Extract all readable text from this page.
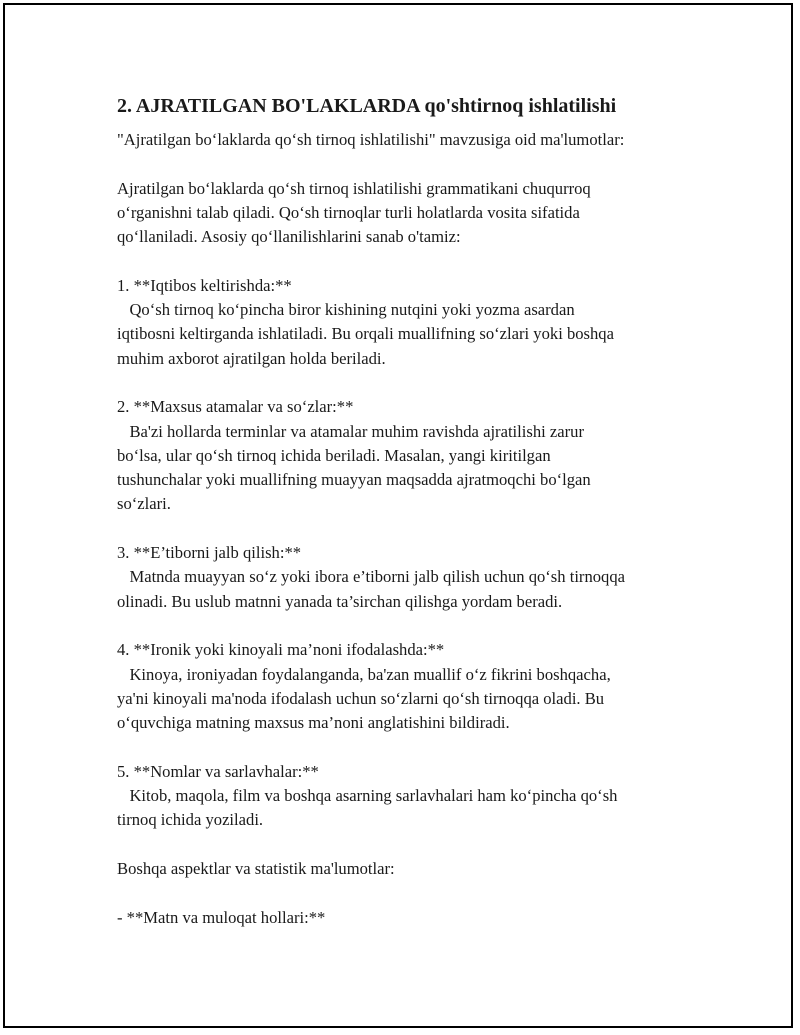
2. AJRATILGAN BO'LAKLARDA qo'shtirnoq ishlatilishi
"Ajratilgan bo‘laklarda qo‘sh tirnoq ishlatilishi" mavzusiga oid ma'lumotlar:
Ajratilgan bo‘laklarda qo‘sh tirnoq ishlatilishi grammatikani chuqurroq
o‘rganishni talab qiladi. Qo‘sh tirnoqlar turli holatlarda vosita sifatida
qo‘llaniladi. Asosiy qo‘llanilishlarini sanab o'tamiz:
1. **Iqtibos keltirishda:**
Qo‘sh tirnoq ko‘pincha biror kishining nutqini yoki yozma asardan
iqtibosni keltirganda ishlatiladi. Bu orqali muallifning so‘zlari yoki boshqa
muhim axborot ajratilgan holda beriladi.
2. **Maxsus atamalar va so‘zlar:**
Ba'zi hollarda terminlar va atamalar muhim ravishda ajratilishi zarur
bo‘lsa, ular qo‘sh tirnoq ichida beriladi. Masalan, yangi kiritilgan
tushunchalar yoki muallifning muayyan maqsadda ajratmoqchi bo‘lgan
so‘zlari.
3. **E’tiborni jalb qilish:**
Matnda muayyan so‘z yoki ibora e’tiborni jalb qilish uchun qo‘sh tirnoqqa
olinadi. Bu uslub matnni yanada ta’sirchan qilishga yordam beradi.
4. **Ironik yoki kinoyali ma’noni ifodalashda:**
Kinoya, ironiyadan foydalanganda, ba'zan muallif o‘z fikrini boshqacha,
ya'ni kinoyali ma'noda ifodalash uchun so‘zlarni qo‘sh tirnoqqa oladi. Bu
o‘quvchiga matning maxsus ma’noni anglatishini bildiradi.
5. **Nomlar va sarlavhalar:**
Kitob, maqola, film va boshqa asarning sarlavhalari ham ko‘pincha qo‘sh
tirnoq ichida yoziladi.
Boshqa aspektlar va statistik ma'lumotlar:
- **Matn va muloqat hollari:**
